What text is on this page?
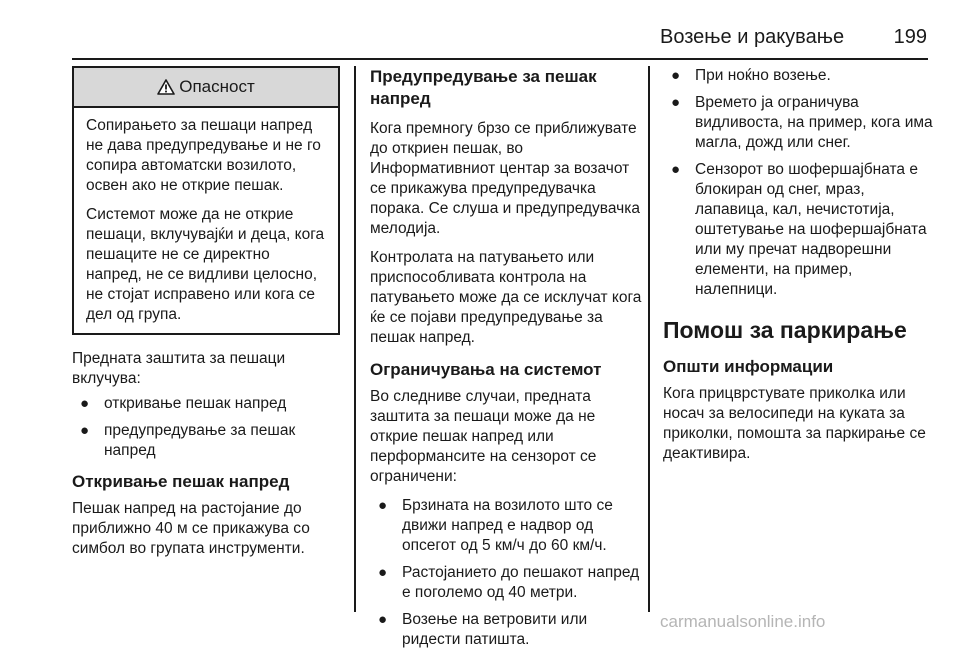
Возење и ракување 199
Опасност

Сопирањето за пешаци напред не дава предупредување и не го сопира автоматски возилото, освен ако не открие пешак.

Системот може да не открие пешаци, вклучувајќи и деца, кога пешаците не се директно напред, не се видливи целосно, не стојат исправено или кога се дел од група.

Предната заштита за пешаци вклучува:

● откривање пешак напред
● предупредување за пешак напред
Откривање пешак напред

Пешак напред на растојание до приближно 40 м се прикажува со симбол во групата инструменти.

Предупредување за пешак напред

Кога премногу брзо се приближувате до откриен пешак, во Информативниот центар за возачот се прикажува предупредувачка порака. Се слуша и предупредувачка мелодија.

Контролата на патувањето или приспособливата контрола на патувањето може да се исклучат кога ќе се појави предупредување за пешак напред.

Ограничувања на системот

Во следниве случаи, предната заштита за пешаци може да не открие пешак напред или перформансите на сензорот се ограничени:

● Брзината на возилото што се движи напред е надвор од опсегот од 5 км/ч до 60 км/ч.
● Растојанието до пешакот напред е поголемо од 40 метри.
● Возење на ветровити или ридести патишта.
● При ноќно возење.
● Времето ја ограничува видливоста, на пример, кога има магла, дожд или снег.
● Сензорот во шофершајбната е блокиран од снег, мраз, лапавица, кал, нечистотија, оштетување на шофершајбната или му пречат надворешни елементи, на пример, налепници.
Помош за паркирање
Општи информации

Кога прицврстувате приколка или носач за велосипеди на куката за приколки, помошта за паркирање се деактивира.

carmanualsonline.info
